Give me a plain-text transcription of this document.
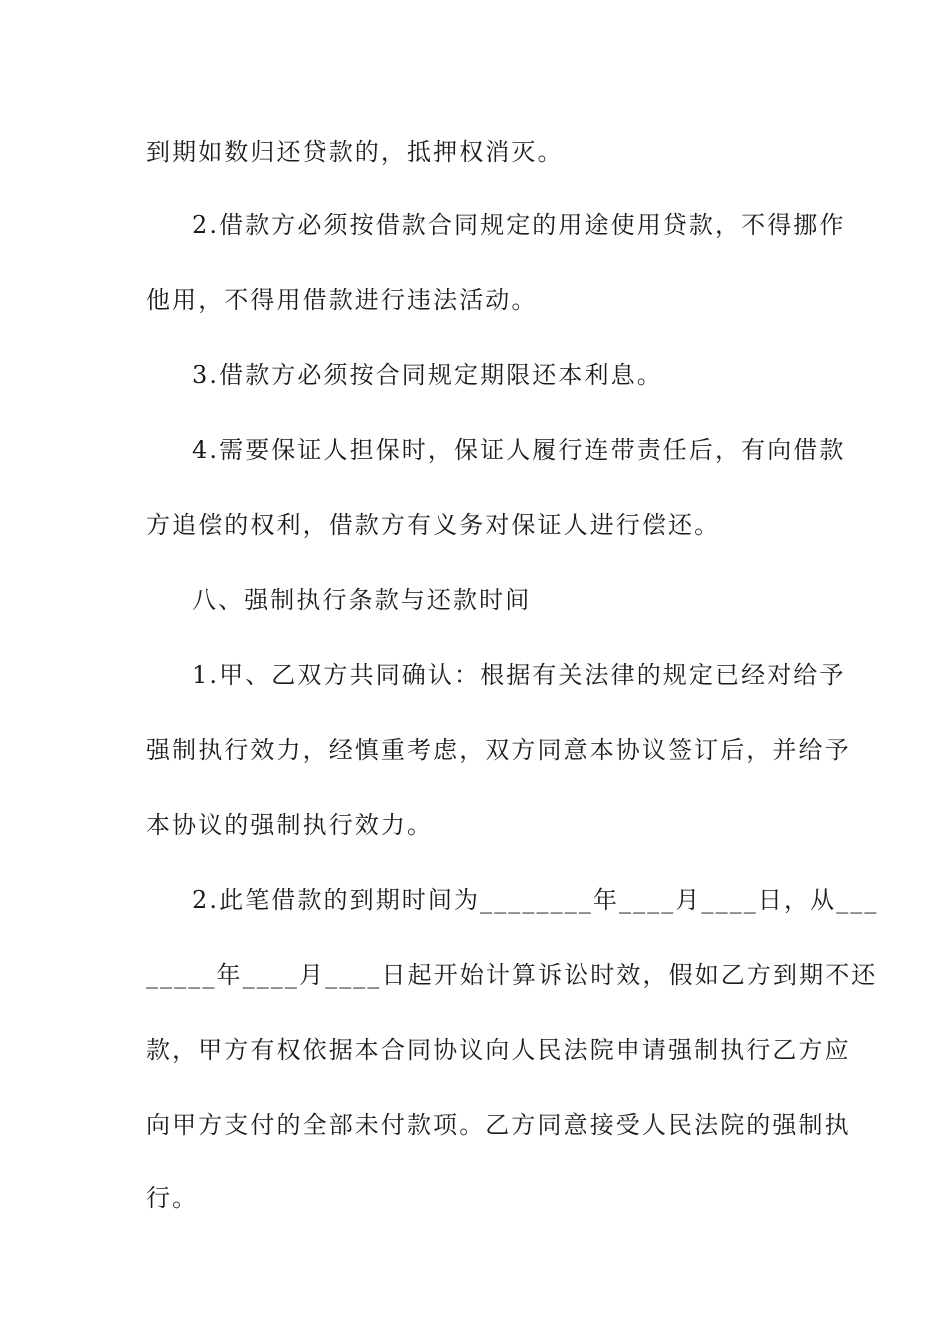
到期如数归还贷款的，抵押权消灭。
2.借款方必须按借款合同规定的用途使用贷款，不得挪作
他用，不得用借款进行违法活动。
3.借款方必须按合同规定期限还本利息。
4.需要保证人担保时，保证人履行连带责任后，有向借款
方追偿的权利，借款方有义务对保证人进行偿还。
八、强制执行条款与还款时间
1.甲、乙双方共同确认：根据有关法律的规定已经对给予
强制执行效力，经慎重考虑，双方同意本协议签订后，并给予
本协议的强制执行效力。
2.此笔借款的到期时间为________年____月____日，从___
_____年____月____日起开始计算诉讼时效，假如乙方到期不还
款，甲方有权依据本合同协议向人民法院申请强制执行乙方应
向甲方支付的全部未付款项。乙方同意接受人民法院的强制执
行。
